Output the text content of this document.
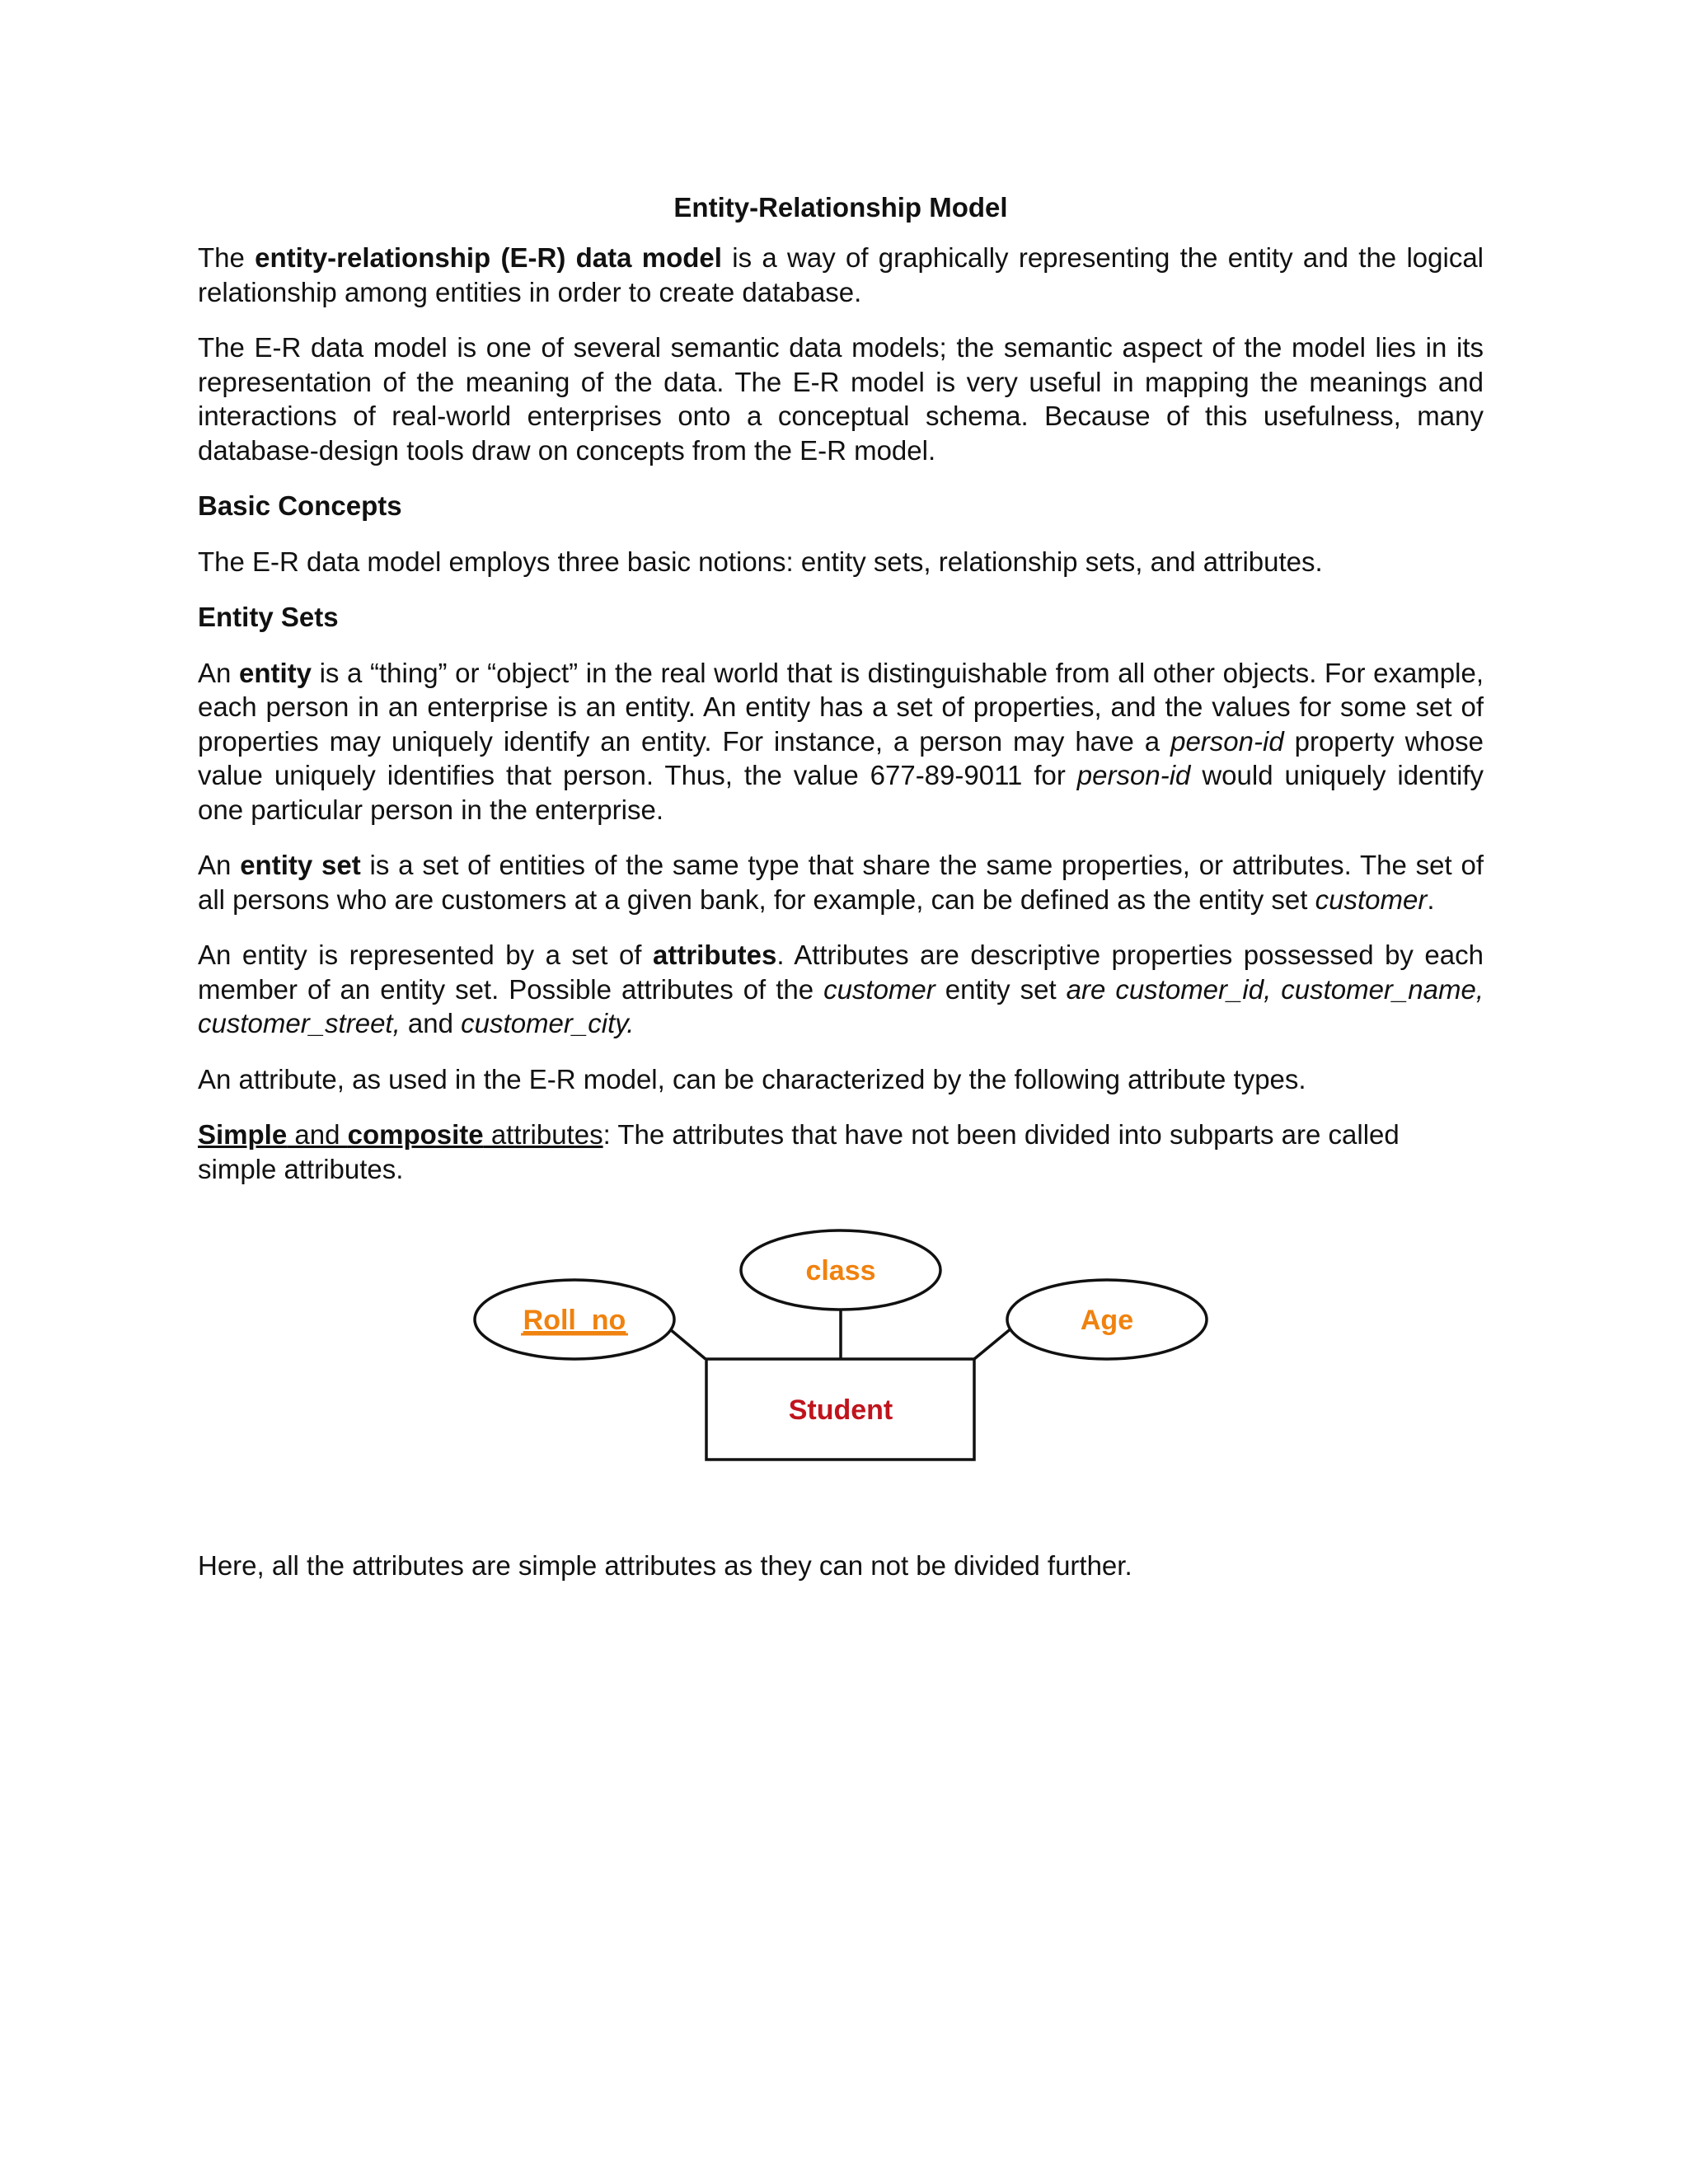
Entity-Relationship Model

The entity-relationship (E-R) data model is a way of graphically representing the entity and the logical relationship among entities in order to create database.

The E-R data model is one of several semantic data models; the semantic aspect of the model lies in its representation of the meaning of the data. The E-R model is very useful in mapping the meanings and interactions of real-world enterprises onto a conceptual schema. Because of this usefulness, many database-design tools draw on concepts from the E-R model.

Basic Concepts

The E-R data model employs three basic notions: entity sets, relationship sets, and attributes.

Entity Sets

An entity is a “thing” or “object” in the real world that is distinguishable from all other objects. For example, each person in an enterprise is an entity. An entity has a set of properties, and the values for some set of properties may uniquely identify an entity. For instance, a person may have a person-id property whose value uniquely identifies that person. Thus, the value 677-89-9011 for person-id would uniquely identify one particular person in the enterprise.

An entity set is a set of entities of the same type that share the same properties, or attributes. The set of all persons who are customers at a given bank, for example, can be defined as the entity set customer.

An entity is represented by a set of attributes. Attributes are descriptive properties possessed by each member of an entity set. Possible attributes of the customer entity set are customer_id, customer_name, customer_street, and customer_city.

An attribute, as used in the E-R model, can be characterized by the following attribute types.

Simple and composite attributes: The attributes that have not been divided into subparts are called simple attributes.

class
Roll_no	Age
Student

Here, all the attributes are simple attributes as they can not be divided further.
